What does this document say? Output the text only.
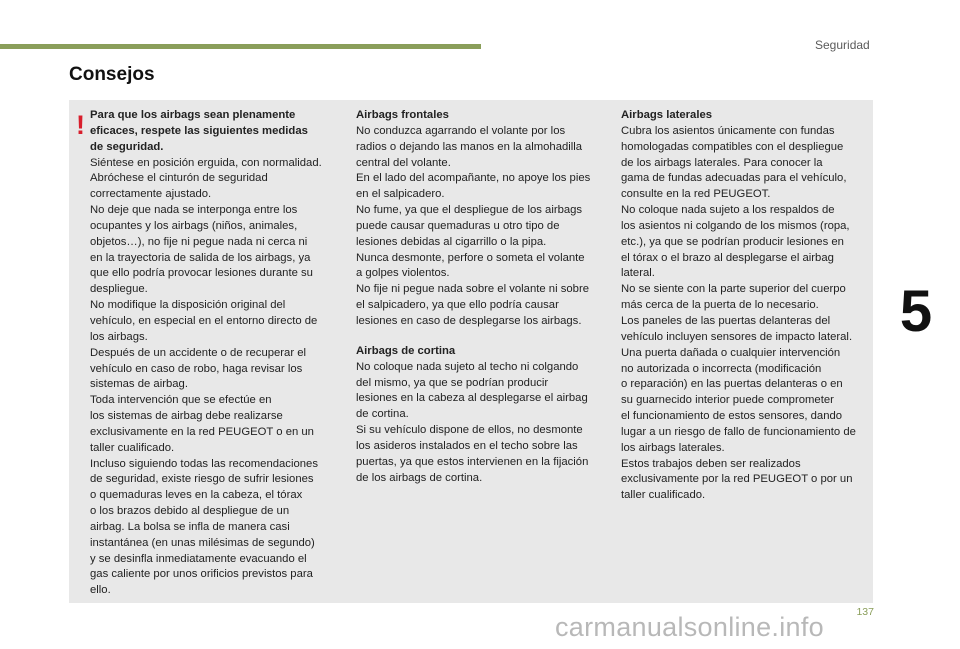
Seguridad
Consejos
! Para que los airbags sean plenamente
eficaces, respete las siguientes medidas
de seguridad.

Siéntese en posición erguida, con normalidad.
Abróchese el cinturón de seguridad
correctamente ajustado.
No deje que nada se interponga entre los
ocupantes y los airbags (niños, animales,
objetos…), no fije ni pegue nada ni cerca ni
en la trayectoria de salida de los airbags, ya
que ello podría provocar lesiones durante su
despliegue.
No modifique la disposición original del
vehículo, en especial en el entorno directo de
los airbags.
Después de un accidente o de recuperar el
vehículo en caso de robo, haga revisar los
sistemas de airbag.
Toda intervención que se efectúe en
los sistemas de airbag debe realizarse
exclusivamente en la red PEUGEOT o en un
taller cualificado.
Incluso siguiendo todas las recomendaciones
de seguridad, existe riesgo de sufrir lesiones
o quemaduras leves en la cabeza, el tórax
o los brazos debido al despliegue de un
airbag. La bolsa se infla de manera casi
instantánea (en unas milésimas de segundo)
y se desinfla inmediatamente evacuando el
gas caliente por unos orificios previstos para
ello.

Airbags frontales

No conduzca agarrando el volante por los
radios o dejando las manos en la almohadilla
central del volante.
En el lado del acompañante, no apoye los pies
en el salpicadero.
No fume, ya que el despliegue de los airbags
puede causar quemaduras u otro tipo de
lesiones debidas al cigarrillo o la pipa.
Nunca desmonte, perfore o someta el volante
a golpes violentos.
No fije ni pegue nada sobre el volante ni sobre
el salpicadero, ya que ello podría causar
lesiones en caso de desplegarse los airbags.

Airbags de cortina

No coloque nada sujeto al techo ni colgando
del mismo, ya que se podrían producir
lesiones en la cabeza al desplegarse el airbag
de cortina.
Si su vehículo dispone de ellos, no desmonte
los asideros instalados en el techo sobre las
puertas, ya que estos intervienen en la fijación
de los airbags de cortina.

Airbags laterales

Cubra los asientos únicamente con fundas
homologadas compatibles con el despliegue
de los airbags laterales. Para conocer la
gama de fundas adecuadas para el vehículo,
consulte en la red PEUGEOT.
No coloque nada sujeto a los respaldos de
los asientos ni colgando de los mismos (ropa,
etc.), ya que se podrían producir lesiones en
el tórax o el brazo al desplegarse el airbag
lateral.
No se siente con la parte superior del cuerpo
más cerca de la puerta de lo necesario.
Los paneles de las puertas delanteras del
vehículo incluyen sensores de impacto lateral.
Una puerta dañada o cualquier intervención
no autorizada o incorrecta (modificación
o reparación) en las puertas delanteras o en
su guarnecido interior puede comprometer
el funcionamiento de estos sensores, dando
lugar a un riesgo de fallo de funcionamiento de
los airbags laterales.
Estos trabajos deben ser realizados
exclusivamente por la red PEUGEOT o por un
taller cualificado.

5
137
carmanualsonline.info
